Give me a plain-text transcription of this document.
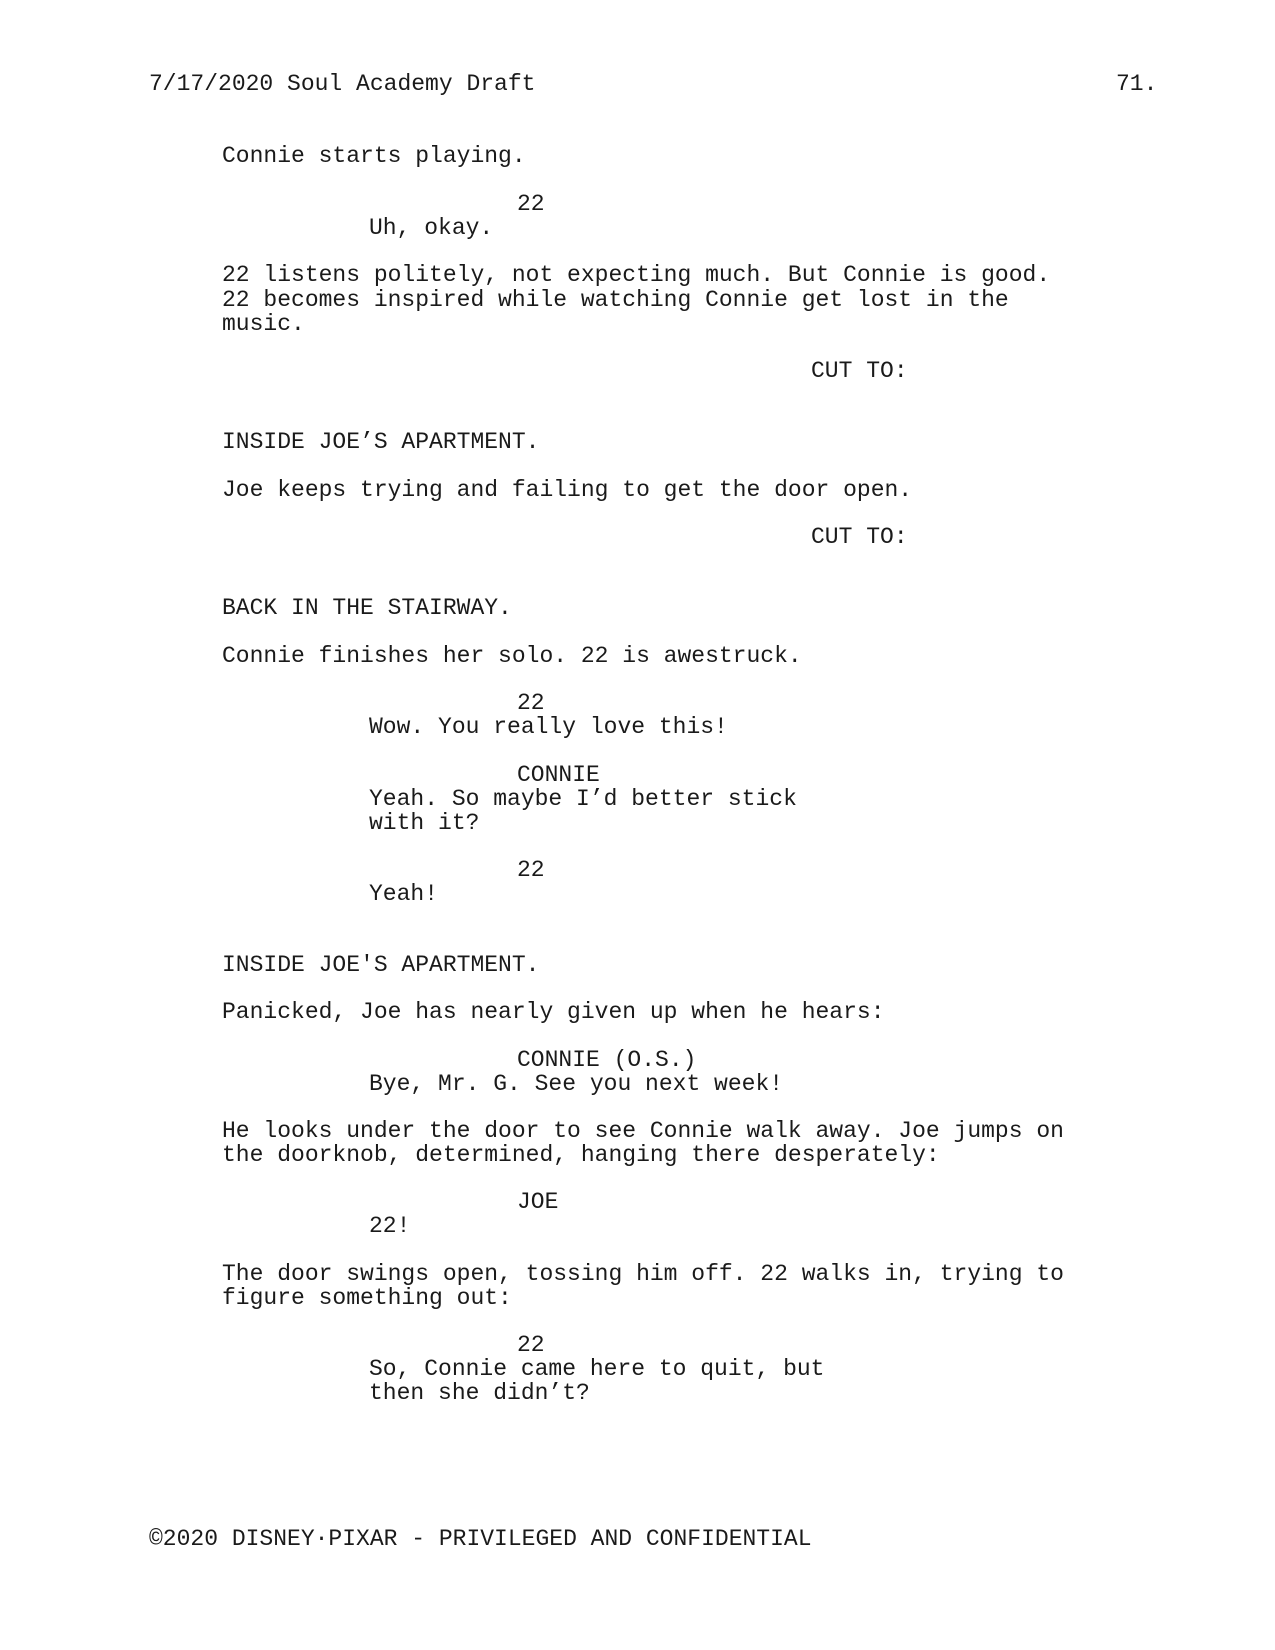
7/17/2020 Soul Academy Draft	71.
Connie starts playing.
22
Uh, okay.
22 listens politely, not expecting much. But Connie is good.
22 becomes inspired while watching Connie get lost in the
music.
CUT TO:
INSIDE JOE’S APARTMENT.
Joe keeps trying and failing to get the door open.
CUT TO:
BACK IN THE STAIRWAY.
Connie finishes her solo. 22 is awestruck.
22
Wow. You really love this!
CONNIE
Yeah. So maybe I’d better stick
with it?
22
Yeah!
INSIDE JOE'S APARTMENT.
Panicked, Joe has nearly given up when he hears:
CONNIE (O.S.)
Bye, Mr. G. See you next week!
He looks under the door to see Connie walk away. Joe jumps on
the doorknob, determined, hanging there desperately:
JOE
22!
The door swings open, tossing him off. 22 walks in, trying to
figure something out:
22
So, Connie came here to quit, but
then she didn’t?
©2020 DISNEY·PIXAR - PRIVILEGED AND CONFIDENTIAL
